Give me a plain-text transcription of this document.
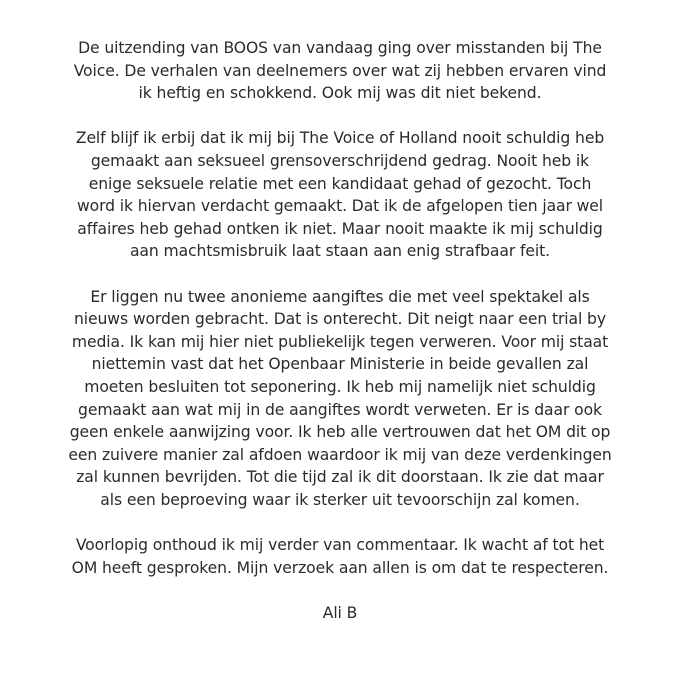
De uitzending van BOOS van vandaag ging over misstanden bij The
Voice. De verhalen van deelnemers over wat zij hebben ervaren vind
ik heftig en schokkend. Ook mij was dit niet bekend.
Zelf blijf ik erbij dat ik mij bij The Voice of Holland nooit schuldig heb
gemaakt aan seksueel grensoverschrijdend gedrag. Nooit heb ik
enige seksuele relatie met een kandidaat gehad of gezocht. Toch
word ik hiervan verdacht gemaakt. Dat ik de afgelopen tien jaar wel
affaires heb gehad ontken ik niet. Maar nooit maakte ik mij schuldig
aan machtsmisbruik laat staan aan enig strafbaar feit.
Er liggen nu twee anonieme aangiftes die met veel spektakel als
nieuws worden gebracht. Dat is onterecht. Dit neigt naar een trial by
media. Ik kan mij hier niet publiekelijk tegen verweren. Voor mij staat
niettemin vast dat het Openbaar Ministerie in beide gevallen zal
moeten besluiten tot seponering. Ik heb mij namelijk niet schuldig
gemaakt aan wat mij in de aangiftes wordt verweten. Er is daar ook
geen enkele aanwijzing voor. Ik heb alle vertrouwen dat het OM dit op
een zuivere manier zal afdoen waardoor ik mij van deze verdenkingen
zal kunnen bevrijden. Tot die tijd zal ik dit doorstaan. Ik zie dat maar
als een beproeving waar ik sterker uit tevoorschijn zal komen.
Voorlopig onthoud ik mij verder van commentaar. Ik wacht af tot het
OM heeft gesproken. Mijn verzoek aan allen is om dat te respecteren.
Ali B
